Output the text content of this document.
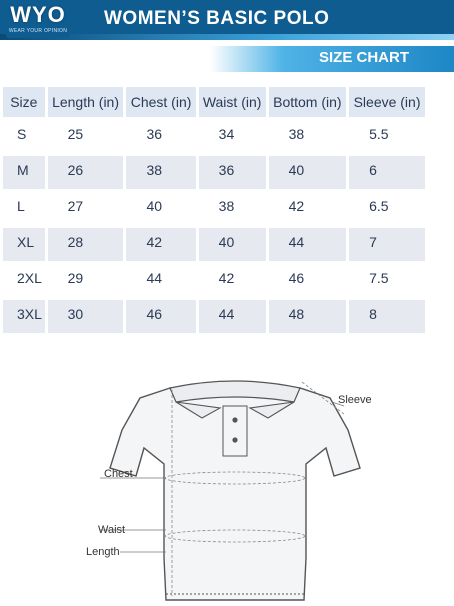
WYO
WEAR YOUR OPINION
WOMEN’S BASIC POLO
SIZE CHART
Size	Length (in)	Chest (in)	Waist (in)	Bottom (in)	Sleeve (in)
S	25	36	34	38	5.5
M	26	38	36	40	6
L	27	40	38	42	6.5
XL	28	42	40	44	7
2XL	29	44	42	46	7.5
3XL	30	46	44	48	8
Sleeve
Chest
Waist
Length
